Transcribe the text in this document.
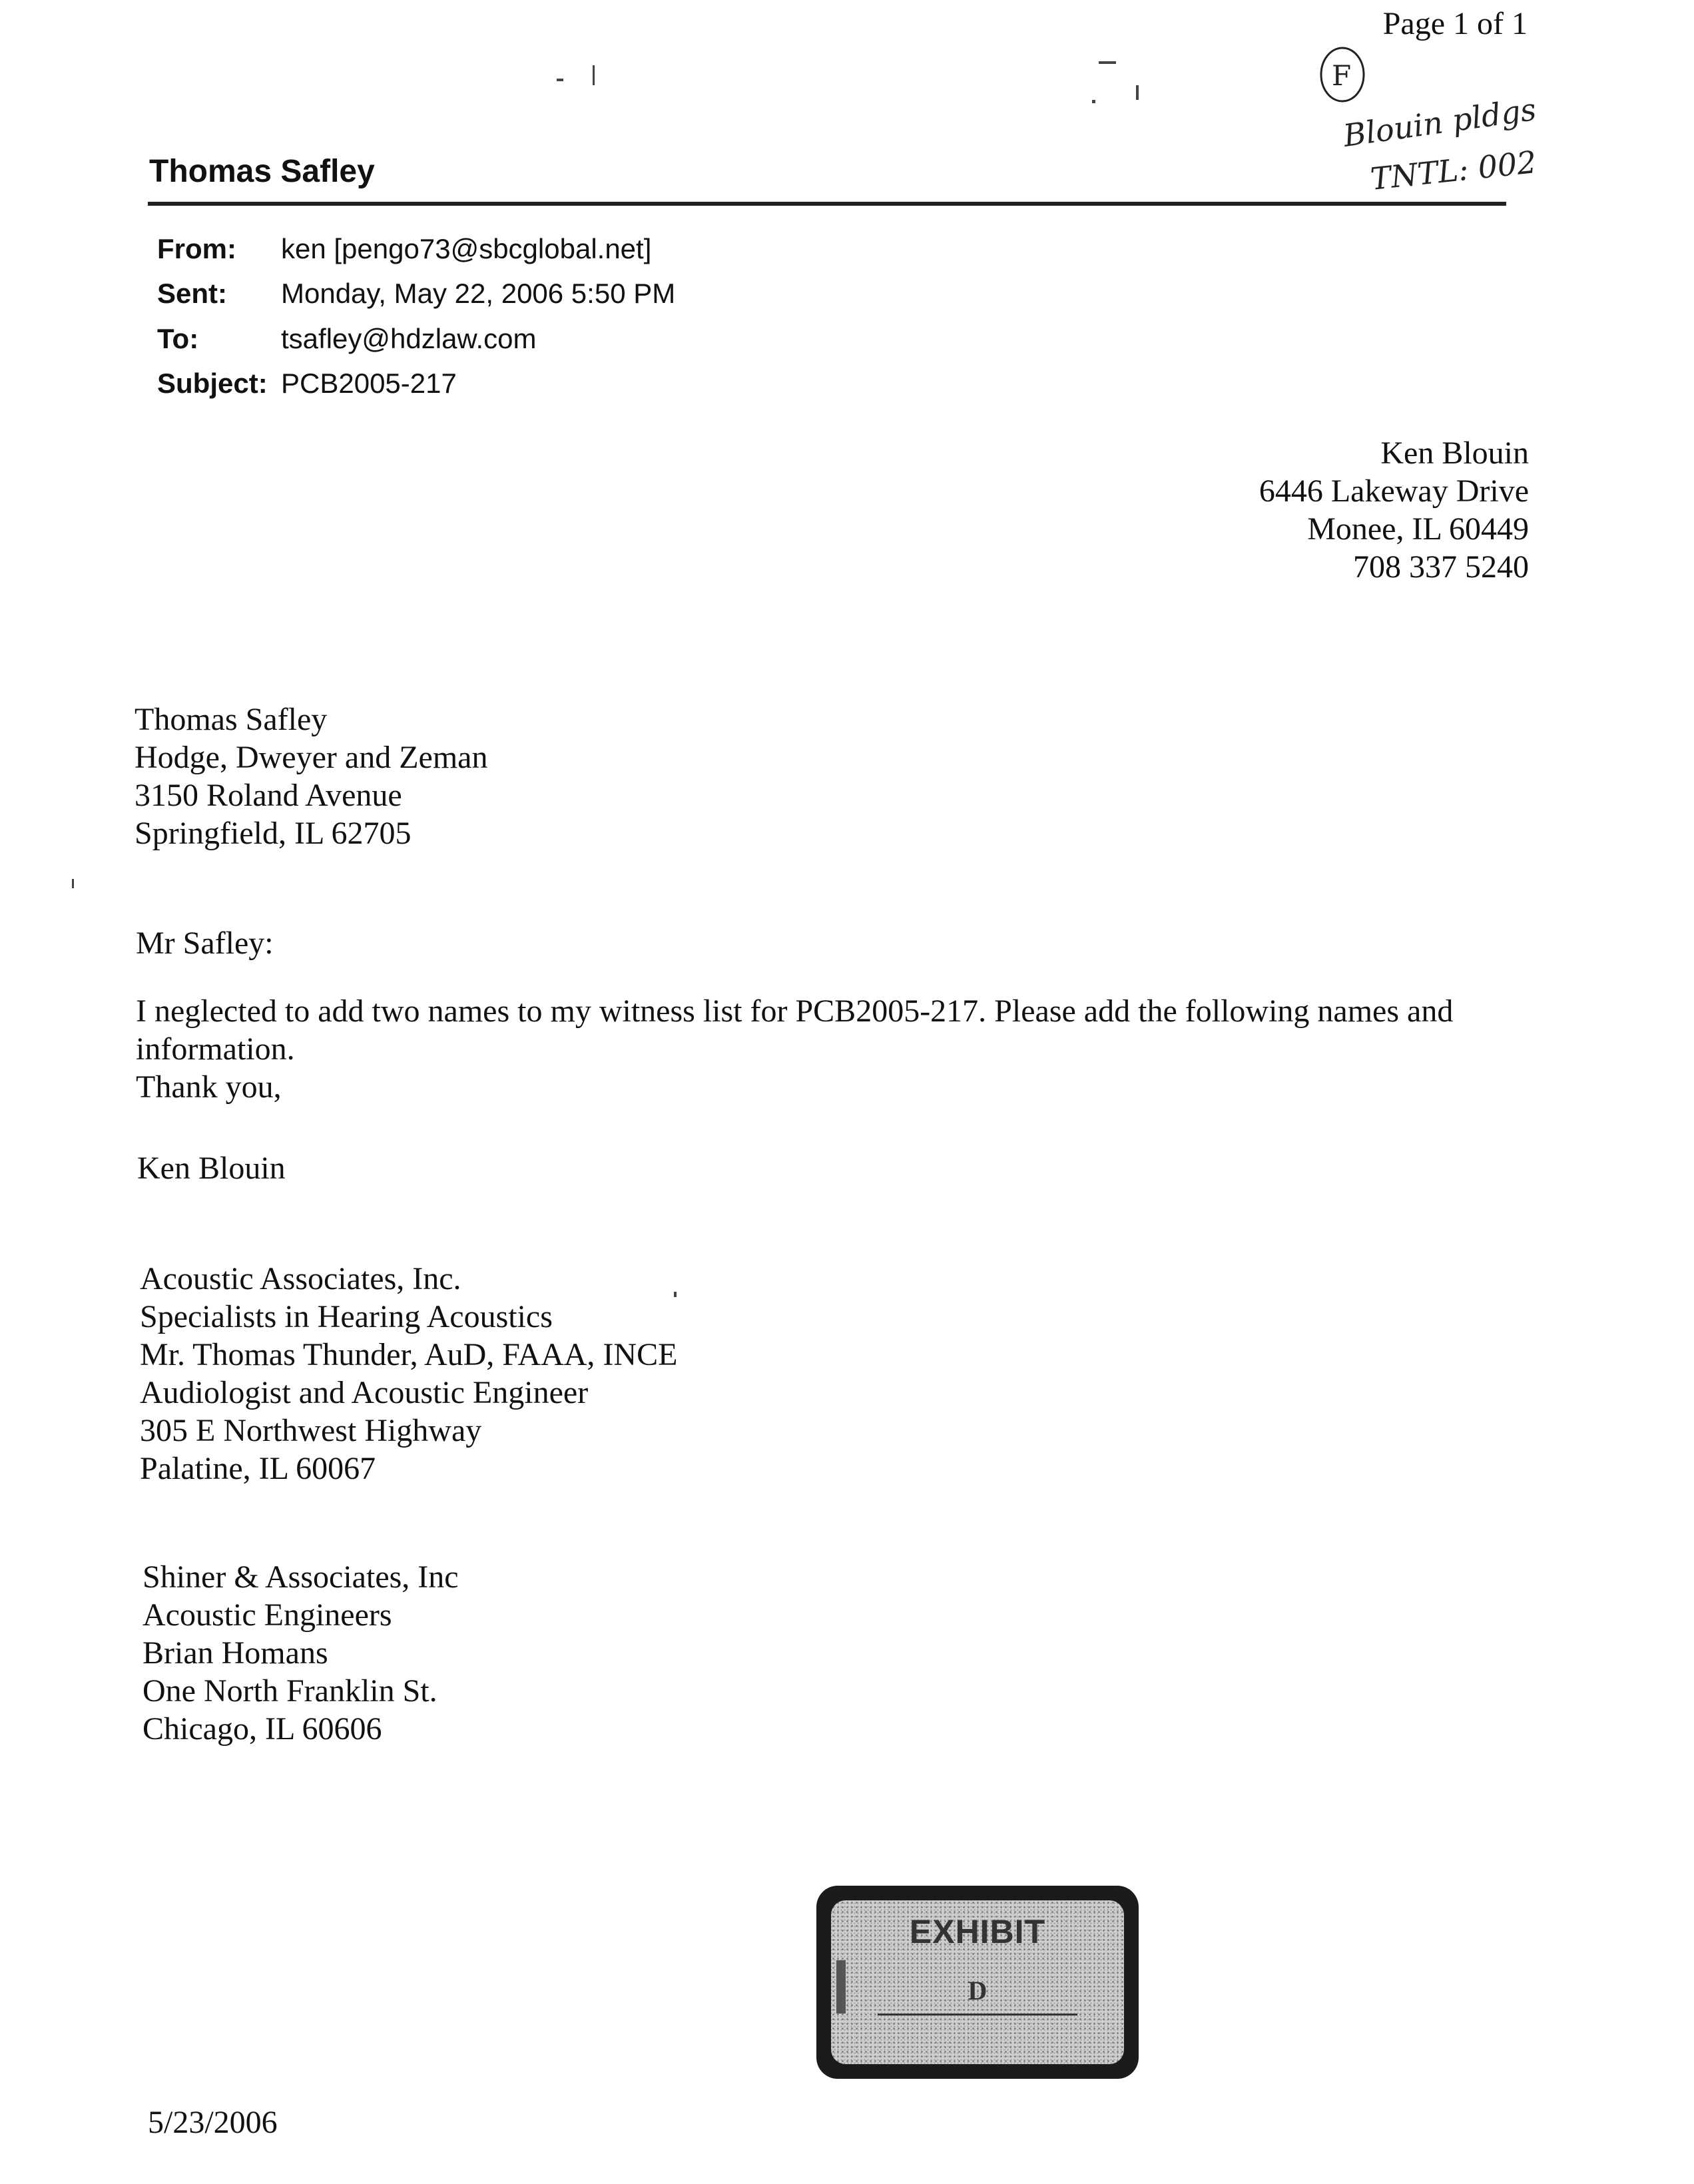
Page 1 of 1
F
Blouin pldgs
TNTL: 002
Thomas Safley
From:	ken [pengo73@sbcglobal.net]
Sent:	Monday, May 22, 2006 5:50 PM
To:	tsafley@hdzlaw.com
Subject: PCB2005-217
Ken Blouin
6446 Lakeway Drive
Monee, IL 60449
708 337 5240
Thomas Safley
Hodge, Dweyer and Zeman
3150 Roland Avenue
Springfield, IL 62705
Mr Safley:
I neglected to add two names to my witness list for PCB2005-217. Please add the following names and
information.
Thank you,
Ken Blouin
Acoustic Associates, Inc.
Specialists in Hearing Acoustics
Mr. Thomas Thunder, AuD, FAAA, INCE
Audiologist and Acoustic Engineer
305 E Northwest Highway
Palatine, IL 60067
Shiner & Associates, Inc
Acoustic Engineers
Brian Homans
One North Franklin St.
Chicago, IL 60606
EXHIBIT
D
5/23/2006
